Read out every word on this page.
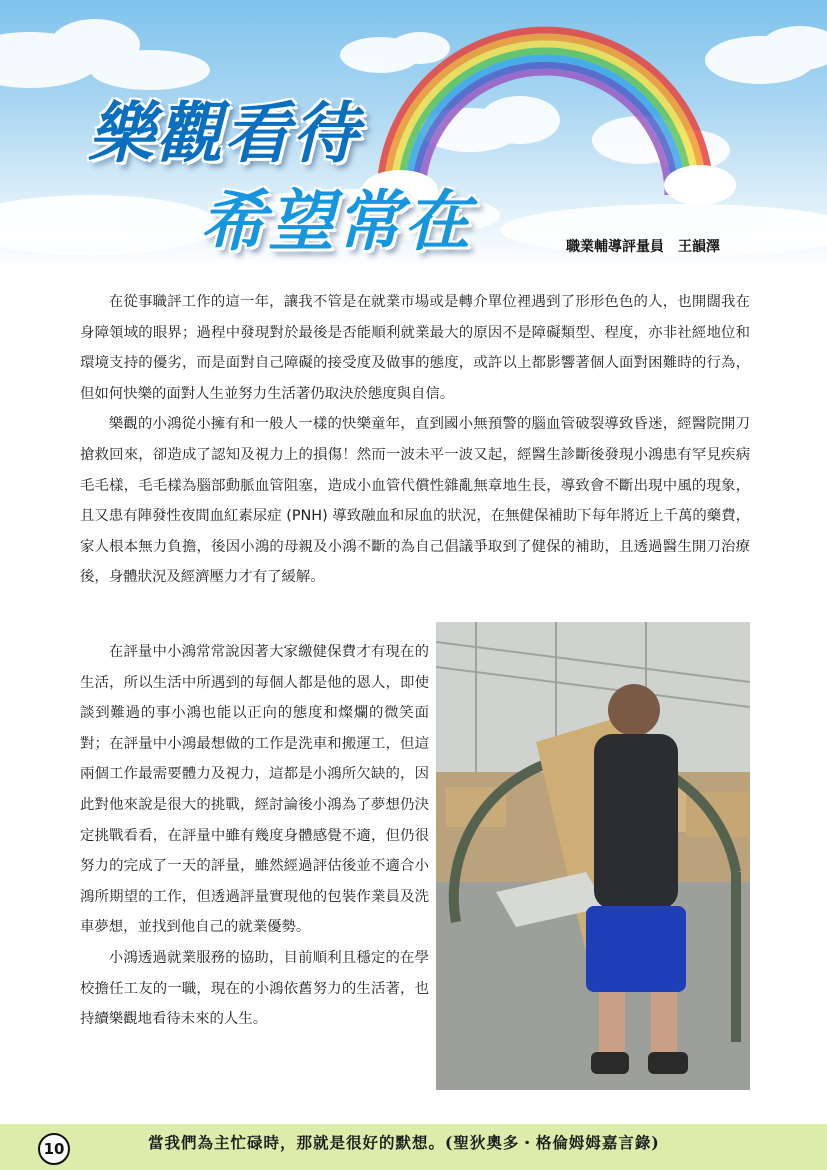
樂觀看待
希望常在	職業輔導評量員 王韻澤

在從事職評工作的這一年，讓我不管是在就業市場或是轉介單位裡遇到了形形色色的人，也開闊我在身障領域的眼界；過程中發現對於最後是否能順利就業最大的原因不是障礙類型、程度，亦非社經地位和環境支持的優劣，而是面對自己障礙的接受度及做事的態度，或許以上都影響著個人面對困難時的行為，但如何快樂的面對人生並努力生活著仍取決於態度與自信。

樂觀的小鴻從小擁有和一般人一樣的快樂童年，直到國小無預警的腦血管破裂導致昏迷，經醫院開刀搶救回來，卻造成了認知及視力上的損傷！然而一波未平一波又起，經醫生診斷後發現小鴻患有罕見疾病毛毛樣，毛毛樣為腦部動脈血管阻塞，造成小血管代償性雜亂無章地生長，導致會不斷出現中風的現象，且又患有陣發性夜間血紅素尿症 (PNH) 導致融血和尿血的狀況，在無健保補助下每年將近上千萬的藥費，家人根本無力負擔，後因小鴻的母親及小鴻不斷的為自己倡議爭取到了健保的補助，且透過醫生開刀治療後，身體狀況及經濟壓力才有了緩解。

在評量中小鴻常常說因著大家繳健保費才有現在的生活，所以生活中所遇到的每個人都是他的恩人，即使談到難過的事小鴻也能以正向的態度和燦爛的微笑面對；在評量中小鴻最想做的工作是洗車和搬運工，但這兩個工作最需要體力及視力，這都是小鴻所欠缺的，因此對他來說是很大的挑戰，經討論後小鴻為了夢想仍決定挑戰看看，在評量中雖有幾度身體感覺不適，但仍很努力的完成了一天的評量，雖然經過評估後並不適合小鴻所期望的工作，但透過評量實現他的包裝作業員及洗車夢想，並找到他自己的就業優勢。

小鴻透過就業服務的協助，目前順利且穩定的在學校擔任工友的一職，現在的小鴻依舊努力的生活著，也持續樂觀地看待未來的人生。

10	當我們為主忙碌時，那就是很好的默想。(聖狄奧多・格倫姆姆嘉言錄)
